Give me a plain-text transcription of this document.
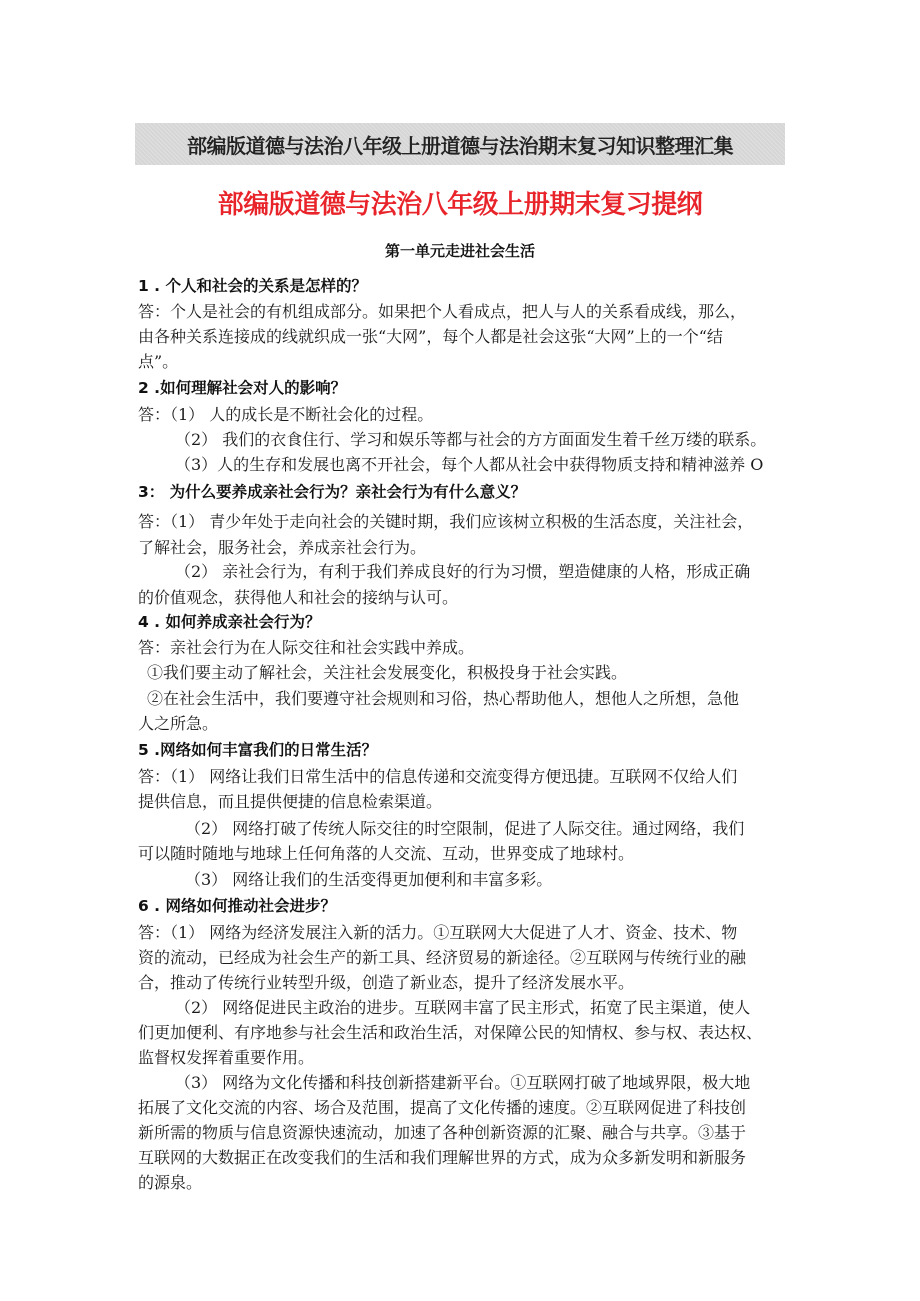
部编版道德与法治八年级上册道德与法治期末复习知识整理汇集
部编版道德与法治八年级上册期末复习提纲
第一单元走进社会生活
1 . 个人和社会的关系是怎样的？
答：个人是社会的有机组成部分。如果把个人看成点，把人与人的关系看成线，那么，
由各种关系连接成的线就织成一张“大网”，每个人都是社会这张“大网”上的一个“结
点”。
2 .如何理解社会对人的影响？
答：（1） 人的成长是不断社会化的过程。
（2） 我们的衣食住行、学习和娱乐等都与社会的方方面面发生着千丝万缕的联系。
（3）人的生存和发展也离不开社会，每个人都从社会中获得物质支持和精神滋养 O
3： 为什么要养成亲社会行为？亲社会行为有什么意义？
答：（1） 青少年处于走向社会的关键时期，我们应该树立积极的生活态度，关注社会，
了解社会，服务社会，养成亲社会行为。
（2） 亲社会行为，有利于我们养成良好的行为习惯，塑造健康的人格，形成正确
的价值观念，获得他人和社会的接纳与认可。
4 . 如何养成亲社会行为？
答：亲社会行为在人际交往和社会实践中养成。
①我们要主动了解社会，关注社会发展变化，积极投身于社会实践。
②在社会生活中，我们要遵守社会规则和习俗，热心帮助他人，想他人之所想，急他
人之所急。
5 .网络如何丰富我们的日常生活？
答：（1） 网络让我们日常生活中的信息传递和交流变得方便迅捷。互联网不仅给人们
提供信息，而且提供便捷的信息检索渠道。
（2） 网络打破了传统人际交往的时空限制，促进了人际交往。通过网络，我们
可以随时随地与地球上任何角落的人交流、互动，世界变成了地球村。
（3） 网络让我们的生活变得更加便利和丰富多彩。
6 . 网络如何推动社会进步？
答：（1） 网络为经济发展注入新的活力。①互联网大大促进了人才、资金、技术、物
资的流动，已经成为社会生产的新工具、经济贸易的新途径。②互联网与传统行业的融
合，推动了传统行业转型升级，创造了新业态，提升了经济发展水平。
（2） 网络促进民主政治的进步。互联网丰富了民主形式，拓宽了民主渠道，使人
们更加便利、有序地参与社会生活和政治生活，对保障公民的知情权、参与权、表达权、
监督权发挥着重要作用。
（3） 网络为文化传播和科技创新搭建新平台。①互联网打破了地域界限，极大地
拓展了文化交流的内容、场合及范围，提高了文化传播的速度。②互联网促进了科技创
新所需的物质与信息资源快速流动，加速了各种创新资源的汇聚、融合与共享。③基于
互联网的大数据正在改变我们的生活和我们理解世界的方式，成为众多新发明和新服务
的源泉。
